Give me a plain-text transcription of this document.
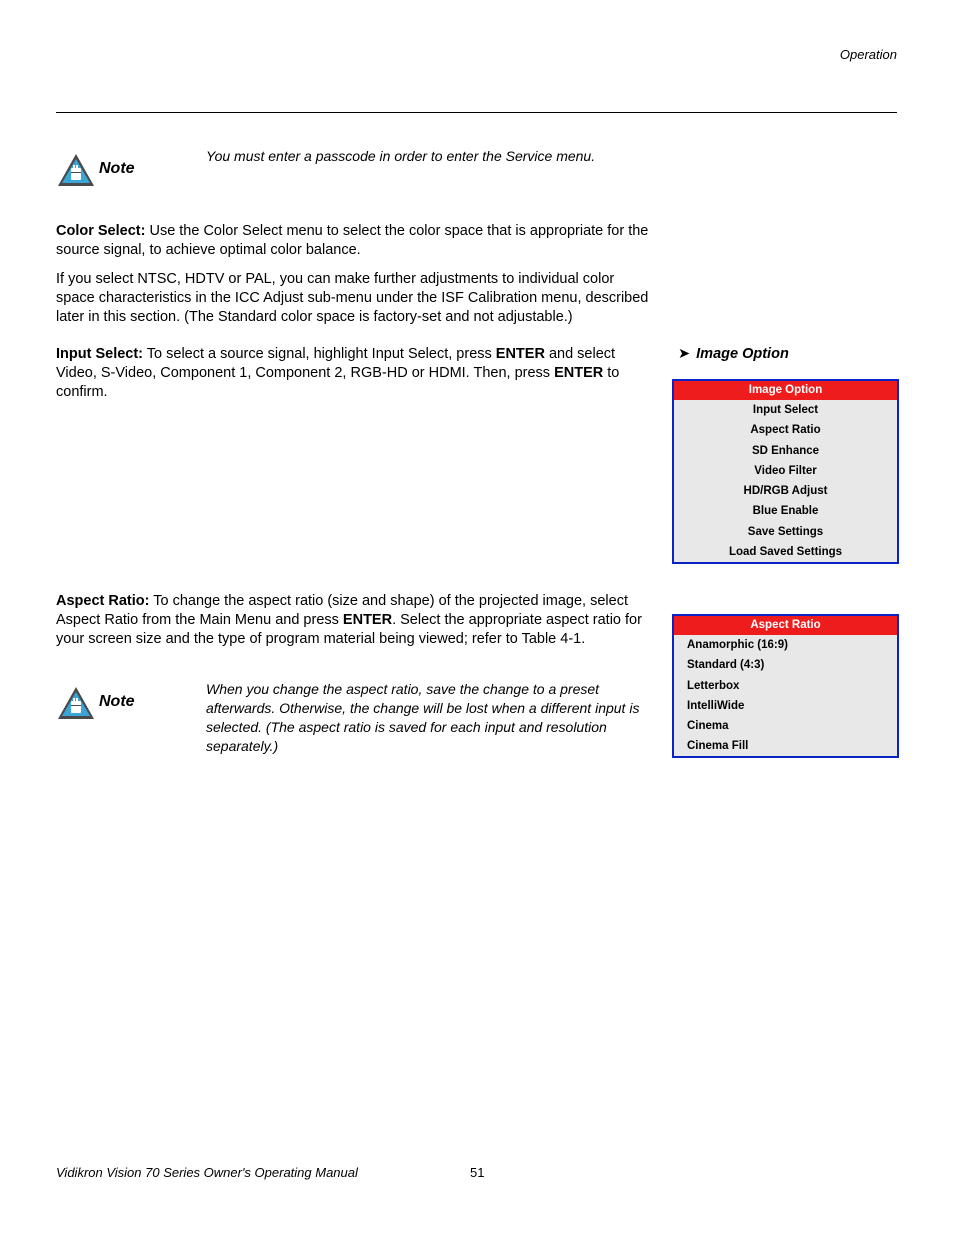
Operation
Note
You must enter a passcode in order to enter the Service menu.
Color Select: Use the Color Select menu to select the color space that is appropriate for the source signal, to achieve optimal color balance.
If you select NTSC, HDTV or PAL, you can make further adjustments to individual color space characteristics in the ICC Adjust sub-menu under the ISF Calibration menu, described later in this section. (The Standard color space is factory-set and not adjustable.)
Input Select: To select a source signal, highlight Input Select, press ENTER and select Video, S-Video, Component 1, Component 2, RGB-HD or HDMI. Then, press ENTER to confirm.
➤ Image Option
Image Option
Input Select
Aspect Ratio
SD Enhance
Video Filter
HD/RGB Adjust
Blue Enable
Save Settings
Load Saved Settings
Aspect Ratio: To change the aspect ratio (size and shape) of the projected image, select Aspect Ratio from the Main Menu and press ENTER. Select the appropriate aspect ratio for your screen size and the type of program material being viewed; refer to Table 4-1.
Aspect Ratio
Anamorphic (16:9)
Standard (4:3)
Letterbox
IntelliWide
Cinema
Cinema Fill
Note
When you change the aspect ratio, save the change to a preset afterwards. Otherwise, the change will be lost when a different input is selected. (The aspect ratio is saved for each input and resolution separately.)
Vidikron Vision 70 Series Owner's Operating Manual	51
